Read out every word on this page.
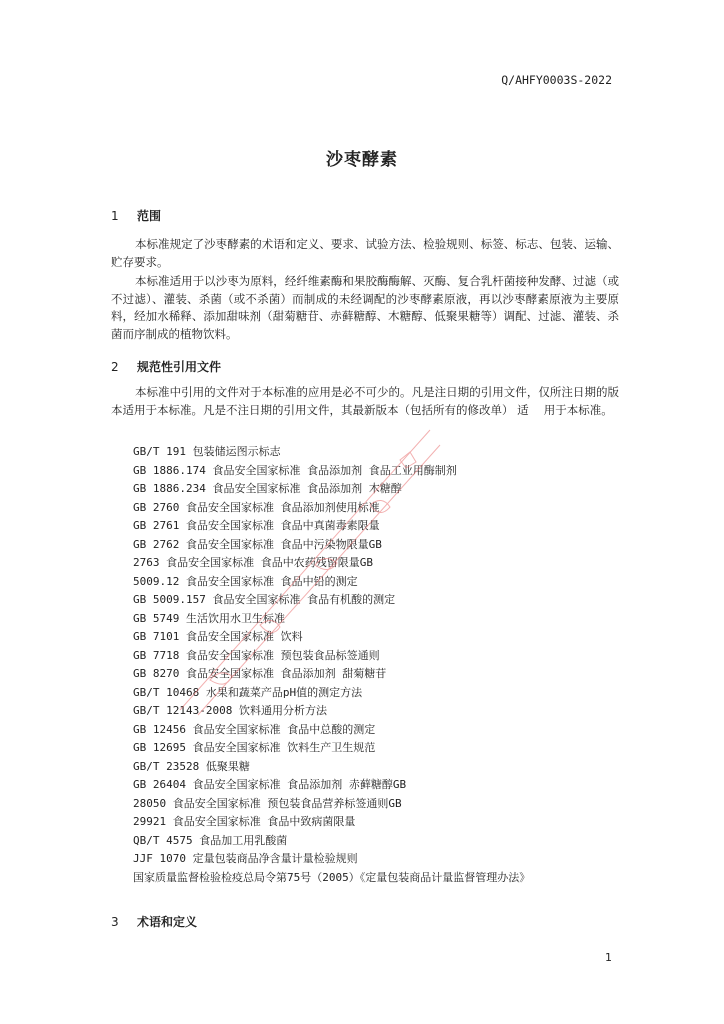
Q/AHFY0003S-2022
沙枣酵素
1 范围

本标准规定了沙枣酵素的术语和定义、要求、试验方法、检验规则、标签、标志、包装、运输、贮存要求。

本标准适用于以沙枣为原料，经纤维素酶和果胶酶酶解、灭酶、复合乳杆菌接种发酵、过滤（或不过滤）、灌装、杀菌（或不杀菌）而制成的未经调配的沙枣酵素原液，再以沙枣酵素原液为主要原料，经加水稀释、添加甜味剂（甜菊糖苷、赤藓糖醇、木糖醇、低聚果糖等）调配、过滤、灌装、杀菌而序制成的植物饮料。

2 规范性引用文件

本标准中引用的文件对于本标准的应用是必不可少的。凡是注日期的引用文件，仅所注日期的版本适用于本标准。凡是不注日期的引用文件，其最新版本（包括所有的修改单） 适　 用于本标准。

GB/T 191 包装储运图示标志
GB 1886.174 食品安全国家标准 食品添加剂 食品工业用酶制剂
GB 1886.234 食品安全国家标准 食品添加剂 木糖醇
GB 2760 食品安全国家标准 食品添加剂使用标准
GB 2761 食品安全国家标准 食品中真菌毒素限量
GB 2762 食品安全国家标准 食品中污染物限量GB
2763 食品安全国家标准 食品中农药残留限量GB
5009.12 食品安全国家标准 食品中铅的测定
GB 5009.157 食品安全国家标准 食品有机酸的测定
GB 5749 生活饮用水卫生标准
GB 7101 食品安全国家标准 饮料
GB 7718 食品安全国家标准 预包装食品标签通则
GB 8270 食品安全国家标准 食品添加剂 甜菊糖苷
GB/T 10468 水果和蔬菜产品pH值的测定方法
GB/T 12143-2008 饮料通用分析方法
GB 12456 食品安全国家标准 食品中总酸的测定
GB 12695 食品安全国家标准 饮料生产卫生规范
GB/T 23528 低聚果糖
GB 26404 食品安全国家标准 食品添加剂 赤藓糖醇GB
28050 食品安全国家标准 预包装食品营养标签通则GB
29921 食品安全国家标准 食品中致病菌限量
QB/T 4575 食品加工用乳酸菌
JJF 1070 定量包装商品净含量计量检验规则
国家质量监督检验检疫总局令第75号（2005）《定量包装商品计量监督管理办法》
3 术语和定义
1
